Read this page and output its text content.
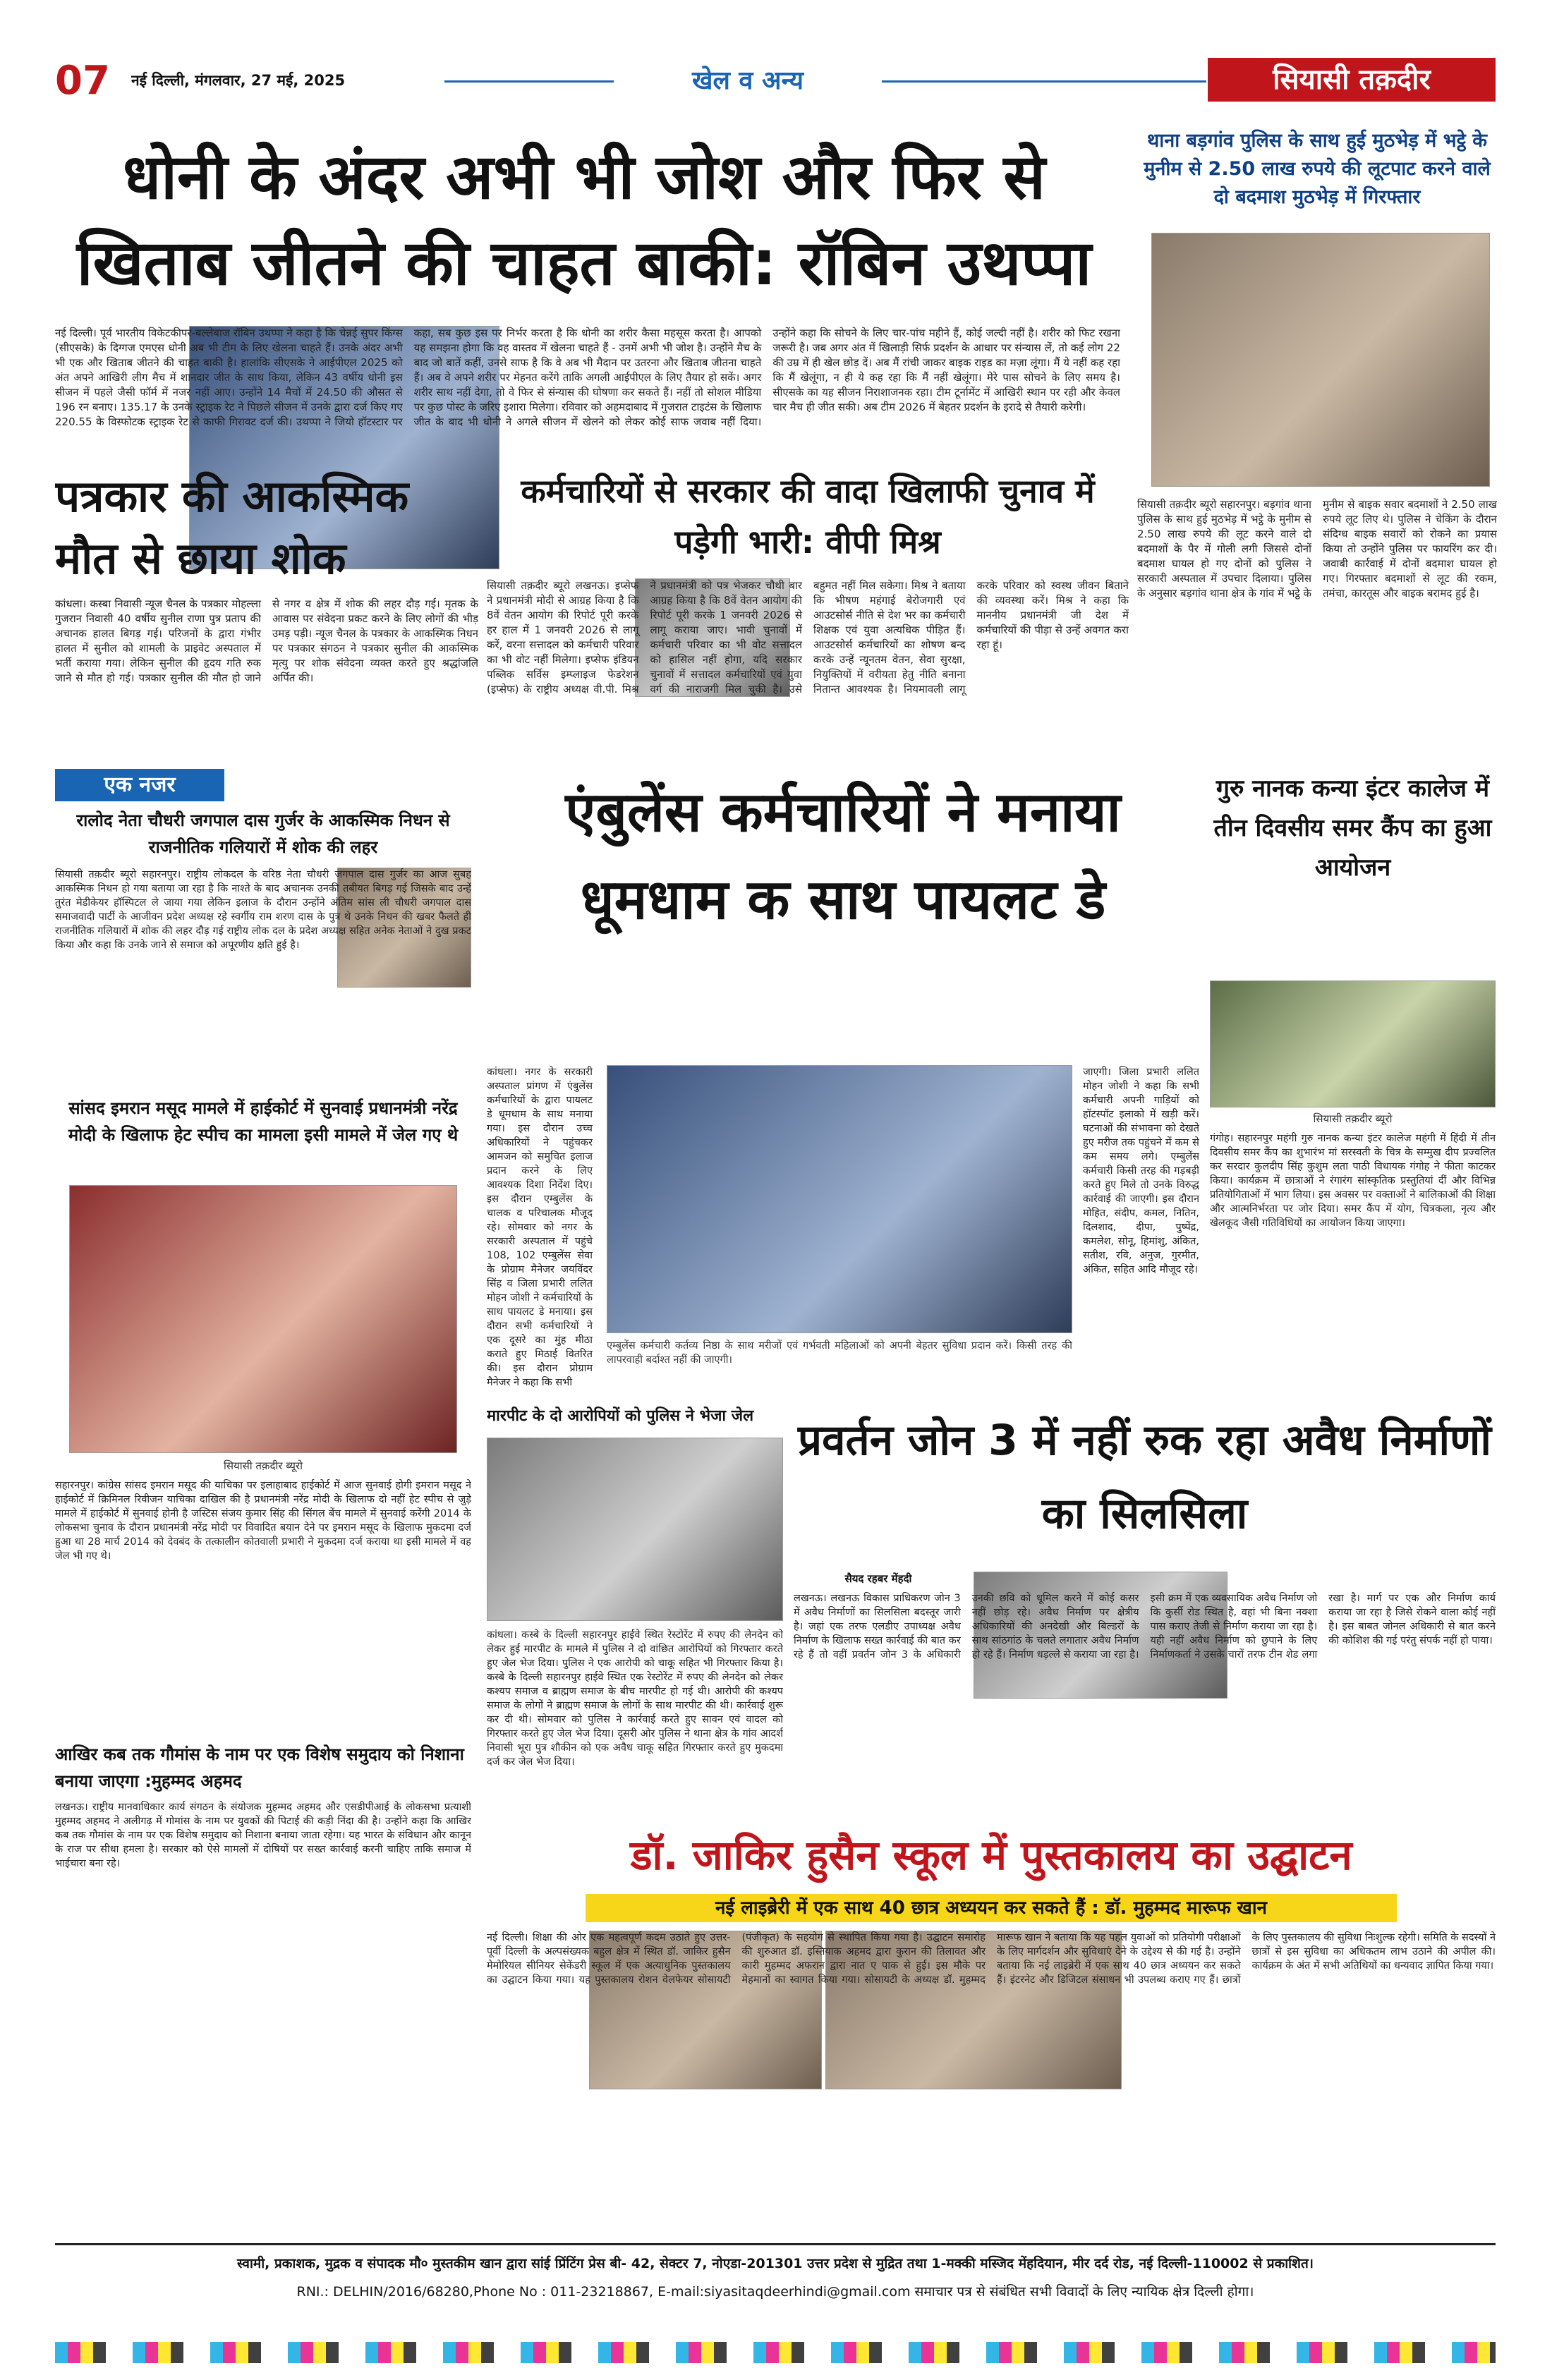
07	नई दिल्ली, मंगलवार, 27 मई, 2025	खेल व अन्य	सियासी तक़दीर
धोनी के अंदर अभी भी जोश और फिर से खिताब जीतने की चाहत बाकी: रॉबिन उथप्पा
नई दिल्ली। पूर्व भारतीय विकेटकीपर-बल्लेबाज रॉबिन उथप्पा ने कहा है कि चेन्नई सुपर किंग्स (सीएसके) के दिग्गज एमएस धोनी अब भी टीम के लिए खेलना चाहते हैं। उनके अंदर अभी भी एक और खिताब जीतने की चाहत बाकी है। हालांकि सीएसके ने आईपीएल 2025 को अंत अपने आखिरी लीग मैच में शानदार जीत के साथ किया, लेकिन 43 वर्षीय धोनी इस सीजन में पहले जैसी फॉर्म में नजर नहीं आए। उन्होंने 14 मैचों में 24.50 की औसत से 196 रन बनाए। 135.17 के उनके स्ट्राइक रेट ने पिछले सीजन में उनके द्वारा दर्ज किए गए 220.55 के विस्फोटक स्ट्राइक रेट से काफी गिरावट दर्ज की। उथप्पा ने जियो हॉटस्टार पर कहा, सब कुछ इस पर निर्भर करता है कि धोनी का शरीर कैसा महसूस करता है। आपको यह समझना होगा कि वह वास्तव में खेलना चाहते हैं - उनमें अभी भी जोश है। उन्होंने मैच के बाद जो बातें कहीं, उनसे साफ है कि वे अब भी मैदान पर उतरना और खिताब जीतना चाहते हैं। अब वे अपने शरीर पर मेहनत करेंगे ताकि अगली आईपीएल के लिए तैयार हो सकें। अगर शरीर साथ नहीं देगा, तो वे फिर से संन्यास की घोषणा कर सकते हैं। नहीं तो सोशल मीडिया पर कुछ पोस्ट के जरिए इशारा मिलेगा। रविवार को अहमदाबाद में गुजरात टाइटंस के खिलाफ जीत के बाद भी धोनी ने अगले सीजन में खेलने को लेकर कोई साफ जवाब नहीं दिया। उन्होंने कहा कि सोचने के लिए चार-पांच महीने हैं, कोई जल्दी नहीं है। शरीर को फिट रखना जरूरी है। जब अगर अंत में खिलाड़ी सिर्फ प्रदर्शन के आधार पर संन्यास लें, तो कई लोग 22 की उम्र में ही खेल छोड़ दें। अब मैं रांची जाकर बाइक राइड का मज़ा लूंगा। मैं ये नहीं कह रहा कि मैं खेलूंगा, न ही ये कह रहा कि मैं नहीं खेलूंगा। मेरे पास सोचने के लिए समय है। सीएसके का यह सीजन निराशाजनक रहा। टीम टूर्नामेंट में आखिरी स्थान पर रही और केवल चार मैच ही जीत सकी। अब टीम 2026 में बेहतर प्रदर्शन के इरादे से तैयारी करेगी।
थाना बड़गांव पुलिस के साथ हुई मुठभेड़ में भट्ठे के मुनीम से 2.50 लाख रुपये की लूटपाट करने वाले दो बदमाश मुठभेड़ में गिरफ्तार
सियासी तक़दीर ब्यूरो सहारनपुर। बड़गांव थाना पुलिस के साथ हुई मुठभेड़ में भट्ठे के मुनीम से 2.50 लाख रुपये की लूट करने वाले दो बदमाशों के पैर में गोली लगी जिससे दोनों बदमाश घायल हो गए दोनों को पुलिस ने सरकारी अस्पताल में उपचार दिलाया। पुलिस के अनुसार बड़गांव थाना क्षेत्र के गांव में भट्ठे के मुनीम से बाइक सवार बदमाशों ने 2.50 लाख रुपये लूट लिए थे। पुलिस ने चेकिंग के दौरान संदिग्ध बाइक सवारों को रोकने का प्रयास किया तो उन्होंने पुलिस पर फायरिंग कर दी। जवाबी कार्रवाई में दोनों बदमाश घायल हो गए। गिरफ्तार बदमाशों से लूट की रकम, तमंचा, कारतूस और बाइक बरामद हुई है।
पत्रकार की आकस्मिक मौत से छाया शोक
कांधला। कस्बा निवासी न्यूज चैनल के पत्रकार मोहल्ला गुजरान निवासी 40 वर्षीय सुनील राणा पुत्र प्रताप की अचानक हालत बिगड़ गई। परिजनों के द्वारा गंभीर हालत में सुनील को शामली के प्राइवेट अस्पताल में भर्ती कराया गया। लेकिन सुनील की हृदय गति रुक जाने से मौत हो गई। पत्रकार सुनील की मौत हो जाने से नगर व क्षेत्र में शोक की लहर दौड़ गई। मृतक के आवास पर संवेदना प्रकट करने के लिए लोगों की भीड़ उमड़ पड़ी। न्यूज चैनल के पत्रकार के आकस्मिक निधन पर पत्रकार संगठन ने पत्रकार सुनील की आकस्मिक मृत्यु पर शोक संवेदना व्यक्त करते हुए श्रद्धांजलि अर्पित की।
कर्मचारियों से सरकार की वादा खिलाफी चुनाव में पड़ेगी भारी: वीपी मिश्र
सियासी तक़दीर ब्यूरो लखनऊ। इप्सेफ ने प्रधानमंत्री मोदी से आग्रह किया है कि 8वें वेतन आयोग की रिपोर्ट पूरी करके हर हाल में 1 जनवरी 2026 से लागू करें, वरना सत्तादल को कर्मचारी परिवार का भी वोट नहीं मिलेगा। इप्सेफ इंडियन पब्लिक सर्विस इम्प्लाइज फेडरेशन (इप्सेफ) के राष्ट्रीय अध्यक्ष वी.पी. मिश्र ने प्रधानमंत्री को पत्र भेजकर चौथी बार आग्रह किया है कि 8वें वेतन आयोग की रिपोर्ट पूरी करके 1 जनवरी 2026 से लागू कराया जाए। भावी चुनावों में कर्मचारी परिवार का भी वोट सत्तादल को हासिल नहीं होगा, यदि सरकार चुनावों में सत्तादल कर्मचारियों एवं युवा वर्ग की नाराजगी मिल चुकी है। उसे बहुमत नहीं मिल सकेगा। मिश्र ने बताया कि भीषण महंगाई बेरोजगारी एवं आउटसोर्स नीति से देश भर का कर्मचारी शिक्षक एवं युवा अत्यधिक पीड़ित हैं। आउटसोर्स कर्मचारियों का शोषण बन्द करके उन्हें न्यूनतम वेतन, सेवा सुरक्षा, नियुक्तियों में वरीयता हेतु नीति बनाना नितान्त आवश्यक है। नियमावली लागू करके परिवार को स्वस्थ जीवन बिताने की व्यवस्था करें। मिश्र ने कहा कि माननीय प्रधानमंत्री जी देश में कर्मचारियों की पीड़ा से उन्हें अवगत करा रहा हूं।
एक नजर
रालोद नेता चौधरी जगपाल दास गुर्जर के आकस्मिक निधन से राजनीतिक गलियारों में शोक की लहर
सियासी तक़दीर ब्यूरो सहारनपुर। राष्ट्रीय लोकदल के वरिष्ठ नेता चौधरी जगपाल दास गुर्जर का आज सुबह आकस्मिक निधन हो गया बताया जा रहा है कि नाश्ते के बाद अचानक उनकी तबीयत बिगड़ गई जिसके बाद उन्हें तुरंत मेडीकेयर हॉस्पिटल ले जाया गया लेकिन इलाज के दौरान उन्होंने अंतिम सांस ली चौधरी जगपाल दास समाजवादी पार्टी के आजीवन प्रदेश अध्यक्ष रहे स्वर्गीय राम शरण दास के पुत्र थे उनके निधन की खबर फैलते ही राजनीतिक गलियारों में शोक की लहर दौड़ गई राष्ट्रीय लोक दल के प्रदेश अध्यक्ष सहित अनेक नेताओं ने दुख प्रकट किया और कहा कि उनके जाने से समाज को अपूरणीय क्षति हुई है।
सांसद इमरान मसूद मामले में हाईकोर्ट में सुनवाई प्रधानमंत्री नरेंद्र मोदी के खिलाफ हेट स्पीच का मामला इसी मामले में जेल गए थे
सियासी तक़दीर ब्यूरो
सहारनपुर। कांग्रेस सांसद इमरान मसूद की याचिका पर इलाहाबाद हाईकोर्ट में आज सुनवाई होगी इमरान मसूद ने हाईकोर्ट में क्रिमिनल रिवीजन याचिका दाखिल की है प्रधानमंत्री नरेंद्र मोदी के खिलाफ दो नहीं हेट स्पीच से जुड़े मामले में हाईकोर्ट में सुनवाई होनी है जस्टिस संजय कुमार सिंह की सिंगल बेंच मामले में सुनवाई करेंगी 2014 के लोकसभा चुनाव के दौरान प्रधानमंत्री नरेंद्र मोदी पर विवादित बयान देने पर इमरान मसूद के खिलाफ मुकदमा दर्ज हुआ था 28 मार्च 2014 को देवबंद के तत्कालीन कोतवाली प्रभारी ने मुकदमा दर्ज कराया था इसी मामले में वह जेल भी गए थे।
आखिर कब तक गौमांस के नाम पर एक विशेष समुदाय को निशाना बनाया जाएगा :मुहम्मद अहमद
लखनऊ। राष्ट्रीय मानवाधिकार कार्य संगठन के संयोजक मुहम्मद अहमद और एसडीपीआई के लोकसभा प्रत्याशी मुहम्मद अहमद ने अलीगढ़ में गोमांस के नाम पर युवकों की पिटाई की कड़ी निंदा की है। उन्होंने कहा कि आखिर कब तक गौमांस के नाम पर एक विशेष समुदाय को निशाना बनाया जाता रहेगा। यह भारत के संविधान और कानून के राज पर सीधा हमला है। सरकार को ऐसे मामलों में दोषियों पर सख्त कार्रवाई करनी चाहिए ताकि समाज में भाईचारा बना रहे।
एंबुलेंस कर्मचारियों ने मनाया धूमधाम क साथ पायलट डे
कांधला। नगर के सरकारी अस्पताल प्रांगण में एंबुलेंस कर्मचारियों के द्वारा पायलट डे धूमधाम के साथ मनाया गया। इस दौरान उच्च अधिकारियों ने पहुंचकर आमजन को समुचित इलाज प्रदान करने के लिए आवश्यक दिशा निर्देश दिए। इस दौरान एम्बुलेंस के चालक व परिचालक मौजूद रहे। सोमवार को नगर के सरकारी अस्पताल में पहुंचे 108, 102 एम्बुलेंस सेवा के प्रोग्राम मैनेजर जयविंदर सिंह व जिला प्रभारी ललित मोहन जोशी ने कर्मचारियों के साथ पायलट डे मनाया। इस दौरान सभी कर्मचारियों ने एक दूसरे का मुंह मीठा कराते हुए मिठाई वितरित की। इस दौरान प्रोग्राम मैनेजर ने कहा कि सभी
एम्बुलेंस कर्मचारी कर्तव्य निष्ठा के साथ मरीजों एवं गर्भवती महिलाओं को अपनी बेहतर सुविधा प्रदान करें। किसी तरह की लापरवाही बर्दाश्त नहीं की जाएगी।
जाएगी। जिला प्रभारी ललित मोहन जोशी ने कहा कि सभी कर्मचारी अपनी गाड़ियों को हॉटस्पॉट इलाको में खड़ी करें। घटनाओं की संभावना को देखते हुए मरीज तक पहुंचने में कम से कम समय लगे। एम्बुलेंस कर्मचारी किसी तरह की गड़बड़ी करते हुए मिले तो उनके विरुद्ध कार्रवाई की जाएगी। इस दौरान मोहित, संदीप, कमल, नितिन, दिलशाद, दीपा, पुष्पेंद्र, कमलेश, सोनू, हिमांशु, अंकित, सतीश, रवि, अनुज, गुरमीत, अंकित, सहित आदि मौजूद रहे।
गुरु नानक कन्या इंटर कालेज में तीन दिवसीय समर कैंप का हुआ आयोजन
सियासी तक़दीर ब्यूरो
गंगोह। सहारनपुर महंगी गुरु नानक कन्या इंटर कालेज महंगी में हिंदी में तीन दिवसीय समर कैंप का शुभारंभ मां सरस्वती के चित्र के सम्मुख दीप प्रज्वलित कर सरदार कुलदीप सिंह कुशुम लता पाठी विधायक गंगोह ने फीता काटकर किया। कार्यक्रम में छात्राओं ने रंगारंग सांस्कृतिक प्रस्तुतियां दीं और विभिन्न प्रतियोगिताओं में भाग लिया। इस अवसर पर वक्ताओं ने बालिकाओं की शिक्षा और आत्मनिर्भरता पर जोर दिया। समर कैंप में योग, चित्रकला, नृत्य और खेलकूद जैसी गतिविधियों का आयोजन किया जाएगा।
मारपीट के दो आरोपियों को पुलिस ने भेजा जेल
कांधला। कस्बे के दिल्ली सहारनपुर हाईवे स्थित रेस्टोरेंट में रुपए की लेनदेन को लेकर हुई मारपीट के मामले में पुलिस ने दो वांछित आरोपियों को गिरफ्तार करते हुए जेल भेज दिया। पुलिस ने एक आरोपी को चाकू सहित भी गिरफ्तार किया है। कस्बे के दिल्ली सहारनपुर हाईवे स्थित एक रेस्टोरेंट में रुपए की लेनदेन को लेकर कश्यप समाज व ब्राह्मण समाज के बीच मारपीट हो गई थी। आरोपी की कश्यप समाज के लोगों ने ब्राह्मण समाज के लोगों के साथ मारपीट की थी। कार्रवाई शुरू कर दी थी। सोमवार को पुलिस ने कार्रवाई करते हुए सावन एवं वादल को गिरफ्तार करते हुए जेल भेज दिया। दूसरी ओर पुलिस ने थाना क्षेत्र के गांव आदर्श निवासी भूरा पुत्र शौकीन को एक अवैध चाकू सहित गिरफ्तार करते हुए मुकदमा दर्ज कर जेल भेज दिया।
प्रवर्तन जोन 3 में नहीं रुक रहा अवैध निर्माणों का सिलसिला
सैयद रहबर मेंहदी
लखनऊ। लखनऊ विकास प्राधिकरण जोन 3 में अवैध निर्माणों का सिलसिला बदस्तूर जारी है। जहां एक तरफ एलडीए उपाध्यक्ष अवैध निर्माण के खिलाफ सख्त कार्रवाई की बात कर रहे हैं तो वहीं प्रवर्तन जोन 3 के अधिकारी उनकी छवि को धूमिल करने में कोई कसर नहीं छोड़ रहे। अवैध निर्माण पर क्षेत्रीय अधिकारियों की अनदेखी और बिल्डरों के साथ सांठगांठ के चलते लगातार अवैध निर्माण हो रहे हैं। निर्माण धड़ल्ले से कराया जा रहा है। इसी क्रम में एक व्यवसायिक अवैध निर्माण जो कि कुर्सी रोड स्थित है, वहां भी बिना नक्शा पास कराए तेजी से निर्माण कराया जा रहा है। यही नहीं अवैध निर्माण को छुपाने के लिए निर्माणकर्ता ने उसके चारों तरफ टीन शेड लगा रखा है। मार्ग पर एक और निर्माण कार्य कराया जा रहा है जिसे रोकने वाला कोई नहीं है। इस बाबत जोनल अधिकारी से बात करने की कोशिश की गई परंतु संपर्क नहीं हो पाया।
डॉ. जाकिर हुसैन स्कूल में पुस्तकालय का उद्घाटन
नई लाइब्रेरी में एक साथ 40 छात्र अध्ययन कर सकते हैं : डॉ. मुहम्मद मारूफ खान
नई दिल्ली। शिक्षा की ओर एक महत्वपूर्ण कदम उठाते हुए उत्तर-पूर्वी दिल्ली के अल्पसंख्यक बहुल क्षेत्र में स्थित डॉ. जाकिर हुसैन मेमोरियल सीनियर सेकेंडरी स्कूल में एक अत्याधुनिक पुस्तकालय का उद्घाटन किया गया। यह पुस्तकालय रोशन वेलफेयर सोसायटी (पंजीकृत) के सहयोग से स्थापित किया गया है। उद्घाटन समारोह की शुरुआत डॉ. इस्तियाक अहमद द्वारा कुरान की तिलावत और कारी मुहम्मद अफरान द्वारा नात ए पाक से हुई। इस मौके पर मेहमानों का स्वागत किया गया। सोसायटी के अध्यक्ष डॉ. मुहम्मद मारूफ खान ने बताया कि यह पहल युवाओं को प्रतियोगी परीक्षाओं के लिए मार्गदर्शन और सुविधाएं देने के उद्देश्य से की गई है। उन्होंने बताया कि नई लाइब्रेरी में एक साथ 40 छात्र अध्ययन कर सकते हैं। इंटरनेट और डिजिटल संसाधन भी उपलब्ध कराए गए हैं। छात्रों के लिए पुस्तकालय की सुविधा निःशुल्क रहेगी। समिति के सदस्यों ने छात्रों से इस सुविधा का अधिकतम लाभ उठाने की अपील की। कार्यक्रम के अंत में सभी अतिथियों का धन्यवाद ज्ञापित किया गया।
स्वामी, प्रकाशक, मुद्रक व संपादक मौ० मुस्तकीम खान द्वारा सांई प्रिंटिंग प्रेस बी- 42, सेक्टर 7, नोएडा-201301 उत्तर प्रदेश से मुद्रित तथा 1-मक्की मस्जिद मेंहदियान, मीर दर्द रोड, नई दिल्ली-110002 से प्रकाशित।
RNI.: DELHIN/2016/68280,Phone No : 011-23218867, E-mail:siyasitaqdeerhindi@gmail.com समाचार पत्र से संबंधित सभी विवादों के लिए न्यायिक क्षेत्र दिल्ली होगा।
